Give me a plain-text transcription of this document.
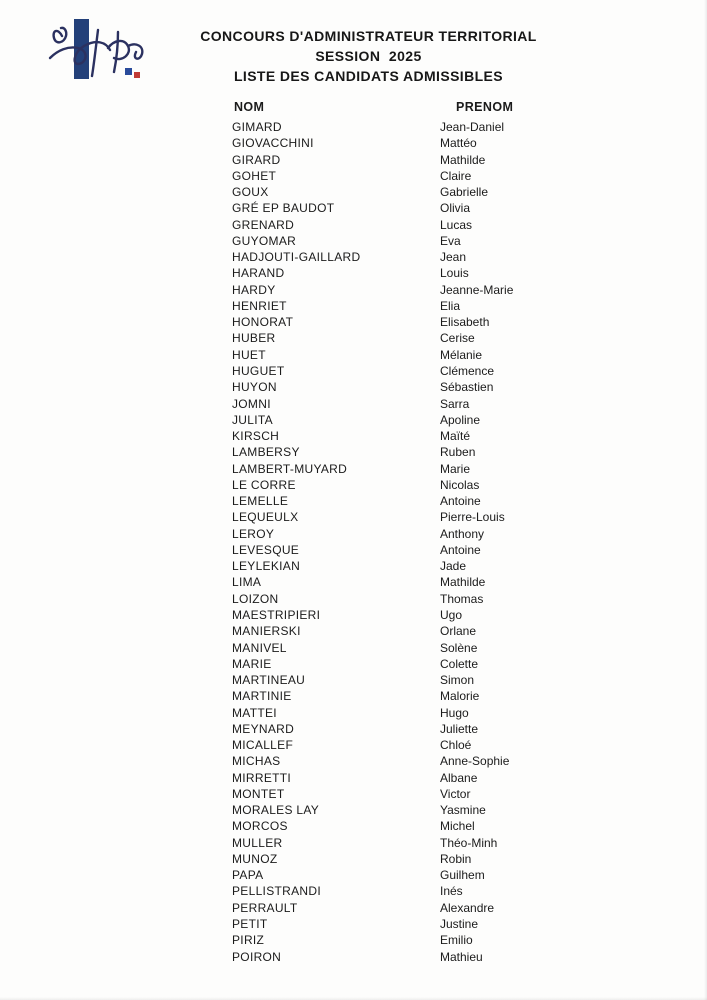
CONCOURS D'ADMINISTRATEUR TERRITORIAL
SESSION  2025
LISTE DES CANDIDATS ADMISSIBLES
NOM	PRENOM
GIMARD	Jean-Daniel
GIOVACCHINI	Mattéo
GIRARD	Mathilde
GOHET	Claire
GOUX	Gabrielle
GRÉ EP BAUDOT	Olivia
GRENARD	Lucas
GUYOMAR	Eva
HADJOUTI-GAILLARD	Jean
HARAND	Louis
HARDY	Jeanne-Marie
HENRIET	Elia
HONORAT	Elisabeth
HUBER	Cerise
HUET	Mélanie
HUGUET	Clémence
HUYON	Sébastien
JOMNI	Sarra
JULITA	Apoline
KIRSCH	Maïté
LAMBERSY	Ruben
LAMBERT-MUYARD	Marie
LE CORRE	Nicolas
LEMELLE	Antoine
LEQUEULX	Pierre-Louis
LEROY	Anthony
LEVESQUE	Antoine
LEYLEKIAN	Jade
LIMA	Mathilde
LOIZON	Thomas
MAESTRIPIERI	Ugo
MANIERSKI	Orlane
MANIVEL	Solène
MARIE	Colette
MARTINEAU	Simon
MARTINIE	Malorie
MATTEI	Hugo
MEYNARD	Juliette
MICALLEF	Chloé
MICHAS	Anne-Sophie
MIRRETTI	Albane
MONTET	Victor
MORALES LAY	Yasmine
MORCOS	Michel
MULLER	Théo-Minh
MUNOZ	Robin
PAPA	Guilhem
PELLISTRANDI	Inés
PERRAULT	Alexandre
PETIT	Justine
PIRIZ	Emilio
POIRON	Mathieu
